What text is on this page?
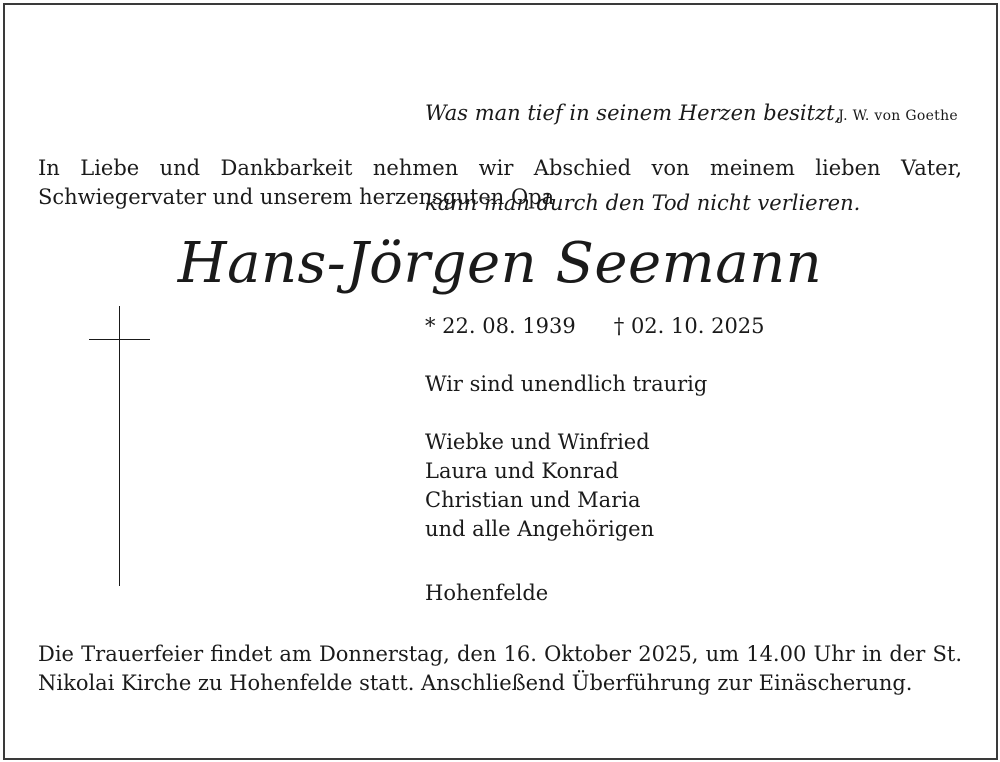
Was man tief in seinem Herzen besitzt,

kann man durch den Tod nicht verlieren.

J. W. von Goethe
In Liebe und Dankbarkeit nehmen wir Abschied von meinem lieben Vater, Schwiegervater und unserem herzensguten Opa
Hans-Jörgen Seemann
* 22. 08. 1939 † 02. 10. 2025
Wir sind unendlich traurig
Wiebke und Winfried
Laura und Konrad
Christian und Maria
und alle Angehörigen
Hohenfelde
Die Trauerfeier findet am Donnerstag, den 16. Oktober 2025, um 14.00 Uhr in der St. Nikolai Kirche zu Hohenfelde statt. Anschließend Überführung zur Einäscherung.
